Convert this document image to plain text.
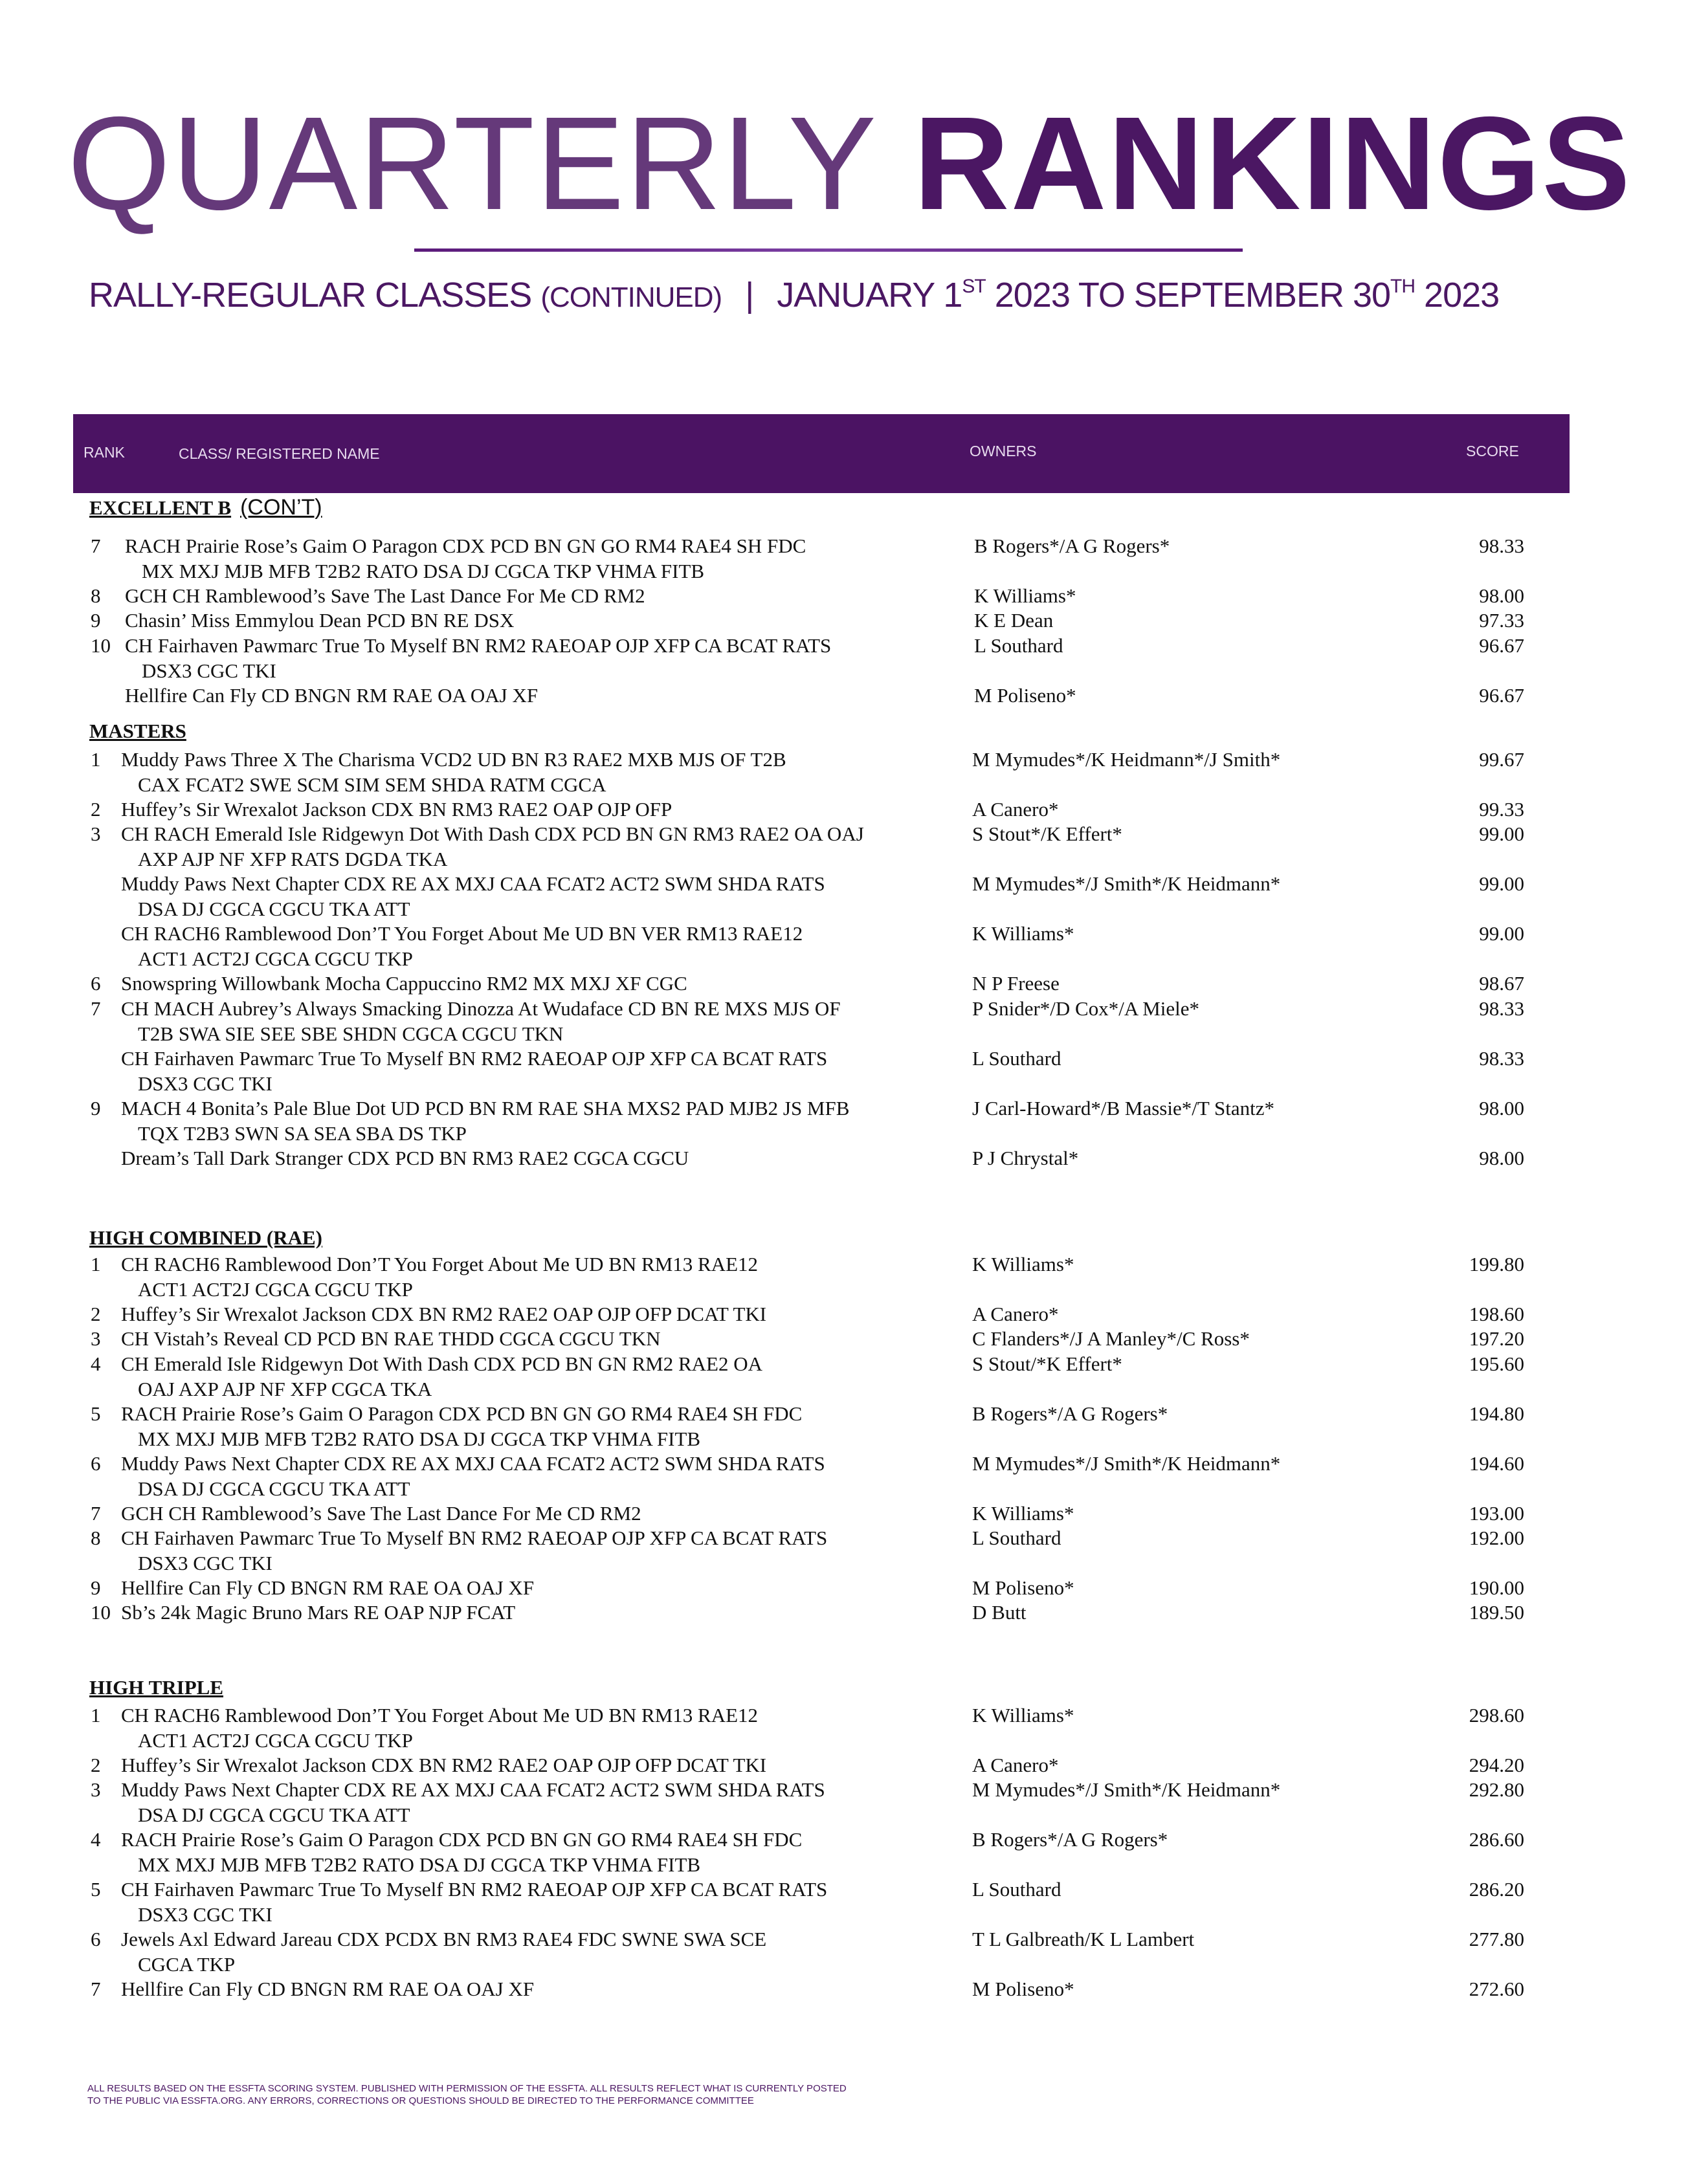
QUARTERLY RANKINGS
RALLY-REGULAR CLASSES (CONTINUED) | JANUARY 1ST 2023 TO SEPTEMBER 30TH 2023
RANK	CLASS/ REGISTERED NAME	OWNERS	SCORE
EXCELLENT B (CON’T)
7	RACH Prairie Rose’s Gaim O Paragon CDX PCD BN GN GO RM4 RAE4 SH FDC
MX MXJ MJB MFB T2B2 RATO DSA DJ CGCA TKP VHMA FITB
B Rogers*/A G Rogers*	98.33
8	GCH CH Ramblewood’s Save The Last Dance For Me CD RM2	K Williams*	98.00
9	Chasin’ Miss Emmylou Dean PCD BN RE DSX	K E Dean	97.33
10 CH Fairhaven Pawmarc True To Myself BN RM2 RAEOAP OJP XFP CA BCAT RATS
DSX3 CGC TKI
L Southard	96.67
Hellfire Can Fly CD BNGN RM RAE OA OAJ XF	M Poliseno*	96.67
MASTERS
1	Muddy Paws Three X The Charisma VCD2 UD BN R3 RAE2 MXB MJS OF T2B
CAX FCAT2 SWE SCM SIM SEM SHDA RATM CGCA
M Mymudes*/K Heidmann*/J Smith*	99.67
2	Huffey’s Sir Wrexalot Jackson CDX BN RM3 RAE2 OAP OJP OFP	A Canero*	99.33
3	CH RACH Emerald Isle Ridgewyn Dot With Dash CDX PCD BN GN RM3 RAE2 OA OAJ
AXP AJP NF XFP RATS DGDA TKA
S Stout*/K Effert*	99.00
Muddy Paws Next Chapter CDX RE AX MXJ CAA FCAT2 ACT2 SWM SHDA RATS
DSA DJ CGCA CGCU TKA ATT
M Mymudes*/J Smith*/K Heidmann*	99.00
CH RACH6 Ramblewood Don’T You Forget About Me UD BN VER RM13 RAE12
ACT1 ACT2J CGCA CGCU TKP
K Williams*	99.00
6	Snowspring Willowbank Mocha Cappuccino RM2 MX MXJ XF CGC	N P Freese	98.67
7	CH MACH Aubrey’s Always Smacking Dinozza At Wudaface CD BN RE MXS MJS OF
T2B SWA SIE SEE SBE SHDN CGCA CGCU TKN
P Snider*/D Cox*/A Miele*	98.33
CH Fairhaven Pawmarc True To Myself BN RM2 RAEOAP OJP XFP CA BCAT RATS
DSX3 CGC TKI
L Southard	98.33
9	MACH 4 Bonita’s Pale Blue Dot UD PCD BN RM RAE SHA MXS2 PAD MJB2 JS MFB
TQX T2B3 SWN SA SEA SBA DS TKP
J Carl-Howard*/B Massie*/T Stantz*	98.00
Dream’s Tall Dark Stranger CDX PCD BN RM3 RAE2 CGCA CGCU	P J Chrystal*	98.00
HIGH COMBINED (RAE)
1	CH RACH6 Ramblewood Don’T You Forget About Me UD BN RM13 RAE12
ACT1 ACT2J CGCA CGCU TKP
K Williams*	199.80
2	Huffey’s Sir Wrexalot Jackson CDX BN RM2 RAE2 OAP OJP OFP DCAT TKI	A Canero*	198.60
3	CH Vistah’s Reveal CD PCD BN RAE THDD CGCA CGCU TKN	C Flanders*/J A Manley*/C Ross*	197.20
4	CH Emerald Isle Ridgewyn Dot With Dash CDX PCD BN GN RM2 RAE2 OA
OAJ AXP AJP NF XFP CGCA TKA
S Stout/*K Effert*	195.60
5	RACH Prairie Rose’s Gaim O Paragon CDX PCD BN GN GO RM4 RAE4 SH FDC
MX MXJ MJB MFB T2B2 RATO DSA DJ CGCA TKP VHMA FITB
B Rogers*/A G Rogers*	194.80
6	Muddy Paws Next Chapter CDX RE AX MXJ CAA FCAT2 ACT2 SWM SHDA RATS
DSA DJ CGCA CGCU TKA ATT
M Mymudes*/J Smith*/K Heidmann*	194.60
7	GCH CH Ramblewood’s Save The Last Dance For Me CD RM2	K Williams*	193.00
8	CH Fairhaven Pawmarc True To Myself BN RM2 RAEOAP OJP XFP CA BCAT RATS
DSX3 CGC TKI
L Southard	192.00
9	Hellfire Can Fly CD BNGN RM RAE OA OAJ XF	M Poliseno*	190.00
10 Sb’s 24k Magic Bruno Mars RE OAP NJP FCAT	D Butt	189.50
HIGH TRIPLE
1	CH RACH6 Ramblewood Don’T You Forget About Me UD BN RM13 RAE12
ACT1 ACT2J CGCA CGCU TKP
K Williams*	298.60
2	Huffey’s Sir Wrexalot Jackson CDX BN RM2 RAE2 OAP OJP OFP DCAT TKI	A Canero*	294.20
3	Muddy Paws Next Chapter CDX RE AX MXJ CAA FCAT2 ACT2 SWM SHDA RATS
DSA DJ CGCA CGCU TKA ATT
M Mymudes*/J Smith*/K Heidmann*	292.80
4	RACH Prairie Rose’s Gaim O Paragon CDX PCD BN GN GO RM4 RAE4 SH FDC
MX MXJ MJB MFB T2B2 RATO DSA DJ CGCA TKP VHMA FITB
B Rogers*/A G Rogers*	286.60
5	CH Fairhaven Pawmarc True To Myself BN RM2 RAEOAP OJP XFP CA BCAT RATS
DSX3 CGC TKI
L Southard	286.20
6	Jewels Axl Edward Jareau CDX PCDX BN RM3 RAE4 FDC SWNE SWA SCE
CGCA TKP
T L Galbreath/K L Lambert	277.80
7	Hellfire Can Fly CD BNGN RM RAE OA OAJ XF	M Poliseno*	272.60
ALL RESULTS BASED ON THE ESSFTA SCORING SYSTEM. PUBLISHED WITH PERMISSION OF THE ESSFTA. ALL RESULTS REFLECT WHAT IS CURRENTLY POSTED
TO THE PUBLIC VIA ESSFTA.ORG. ANY ERRORS, CORRECTIONS OR QUESTIONS SHOULD BE DIRECTED TO THE PERFORMANCE COMMITTEE
